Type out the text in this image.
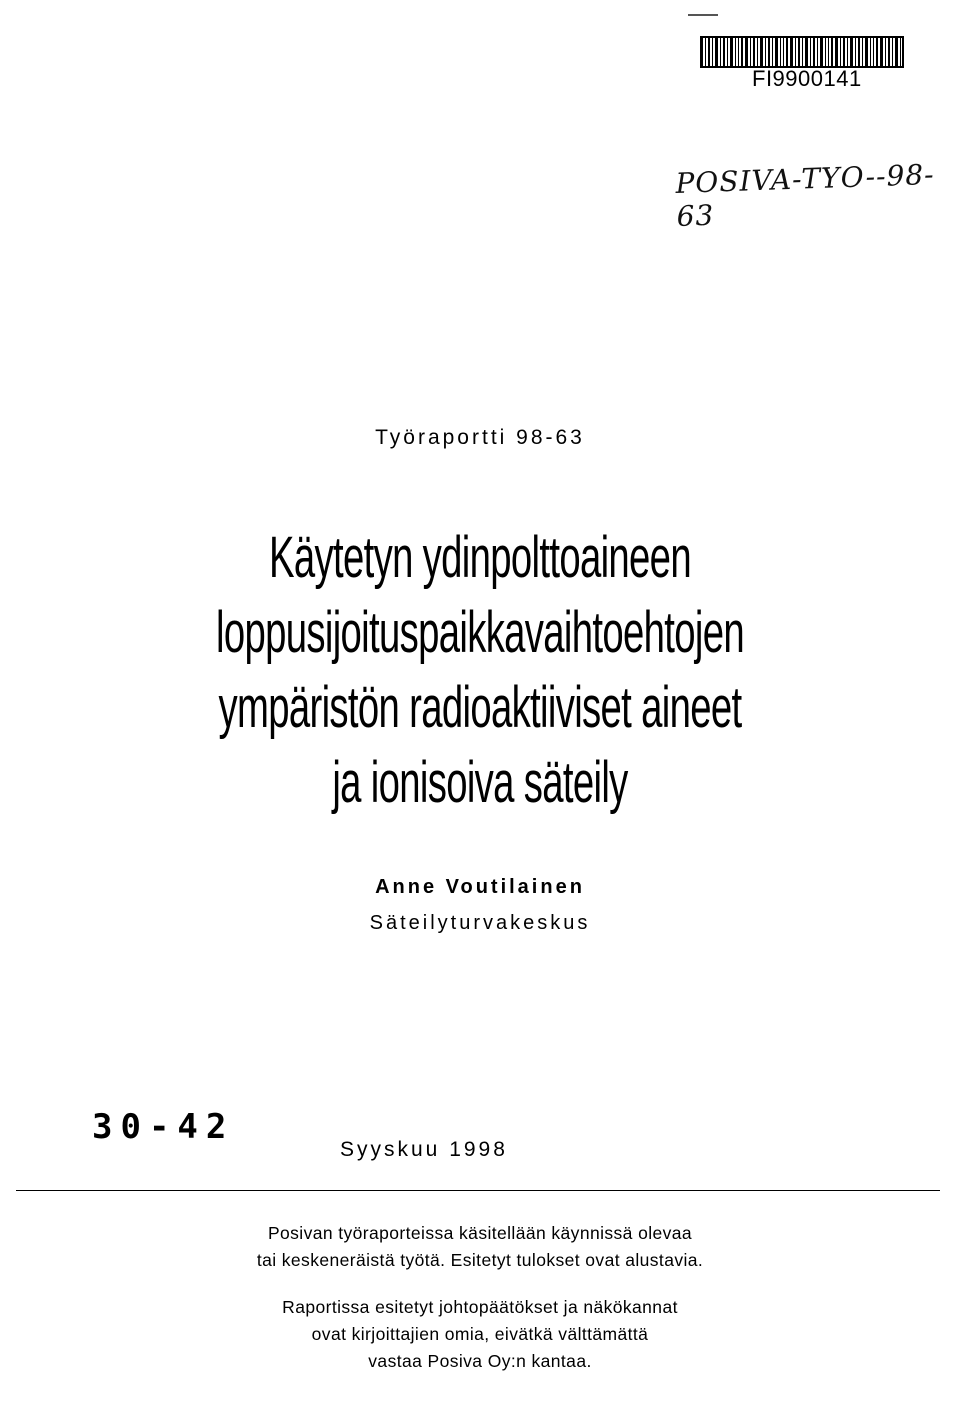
FI9900141
POSIVA-TYO--98-63
Työraportti 98-63
Käytetyn ydinpolttoaineen
loppusijoituspaikkavaihtoehtojen
ympäristön radioaktiiviset aineet
ja ionisoiva säteily
Anne Voutilainen
Säteilyturvakeskus
30-42
Syyskuu 1998
Posivan työraporteissa käsitellään käynnissä olevaa
tai keskeneräistä työtä. Esitetyt tulokset ovat alustavia.
Raportissa esitetyt johtopäätökset ja näkökannat
ovat kirjoittajien omia, eivätkä välttämättä
vastaa Posiva Oy:n kantaa.
